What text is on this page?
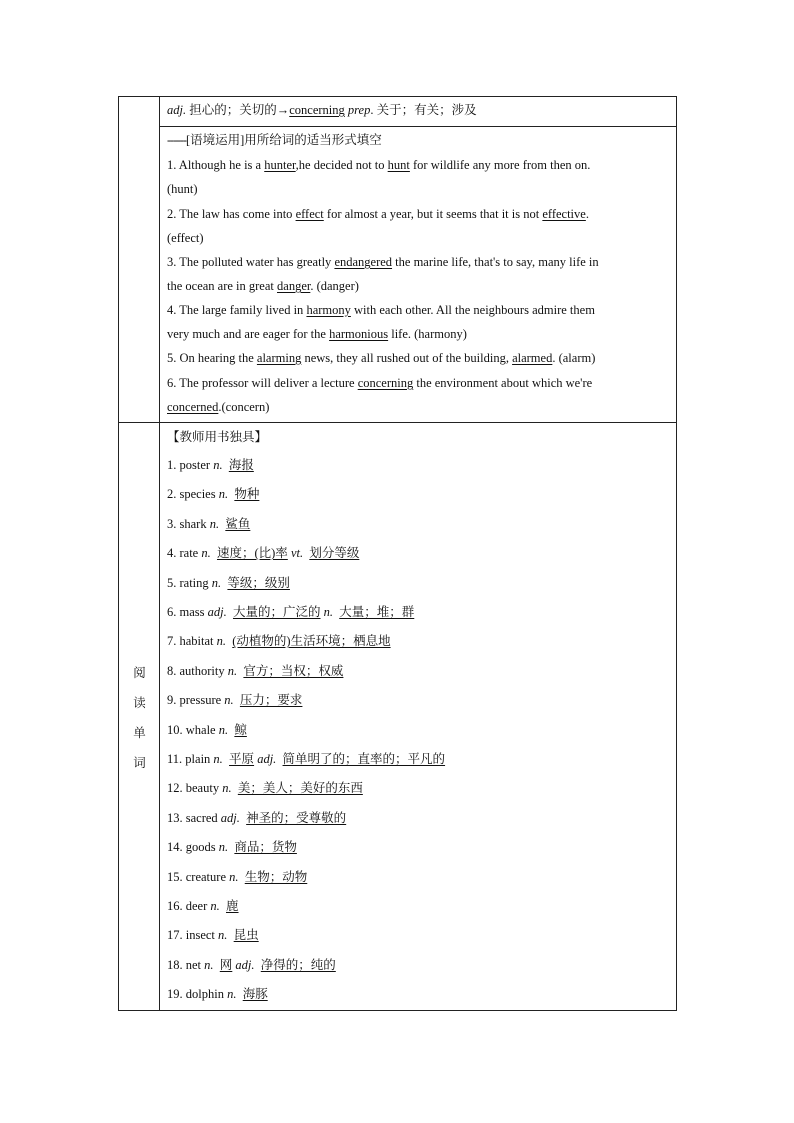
阅
读
单
词
adj. 担心的；关切的→concerning prep. 关于；有关；涉及
------[语境运用]用所给词的适当形式填空
【教师用书独具】
1. Although he is a hunter,he decided not to hunt for wildlife any more from then on.
(hunt)
2. The law has come into effect for almost a year, but it seems that it is not effective.
(effect)
3. The polluted water has greatly endangered the marine life, that's to say, many life in
the ocean are in great danger. (danger)
4. The large family lived in harmony with each other. All the neighbours admire them
very much and are eager for the harmonious life. (harmony)
5. On hearing the alarming news, they all rushed out of the building, alarmed. (alarm)
6. The professor will deliver a lecture concerning the environment about which we're
concerned.(concern)
1. poster n. 海报
2. species n. 物种
3. shark n. 鲨鱼
4. rate n. 速度；(比)率 vt. 划分等级
5. rating n. 等级；级别
6. mass adj. 大量的；广泛的 n. 大量；堆；群
7. habitat n. (动植物的)生活环境；栖息地
8. authority n. 官方；当权；权威
9. pressure n. 压力；要求
10. whale n. 鲸
11. plain n. 平原 adj. 简单明了的；直率的；平凡的
12. beauty n. 美；美人；美好的东西
13. sacred adj. 神圣的；受尊敬的
14. goods n. 商品；货物
15. creature n. 生物；动物
16. deer n. 鹿
17. insect n. 昆虫
18. net n. 网 adj. 净得的；纯的
19. dolphin n. 海豚
